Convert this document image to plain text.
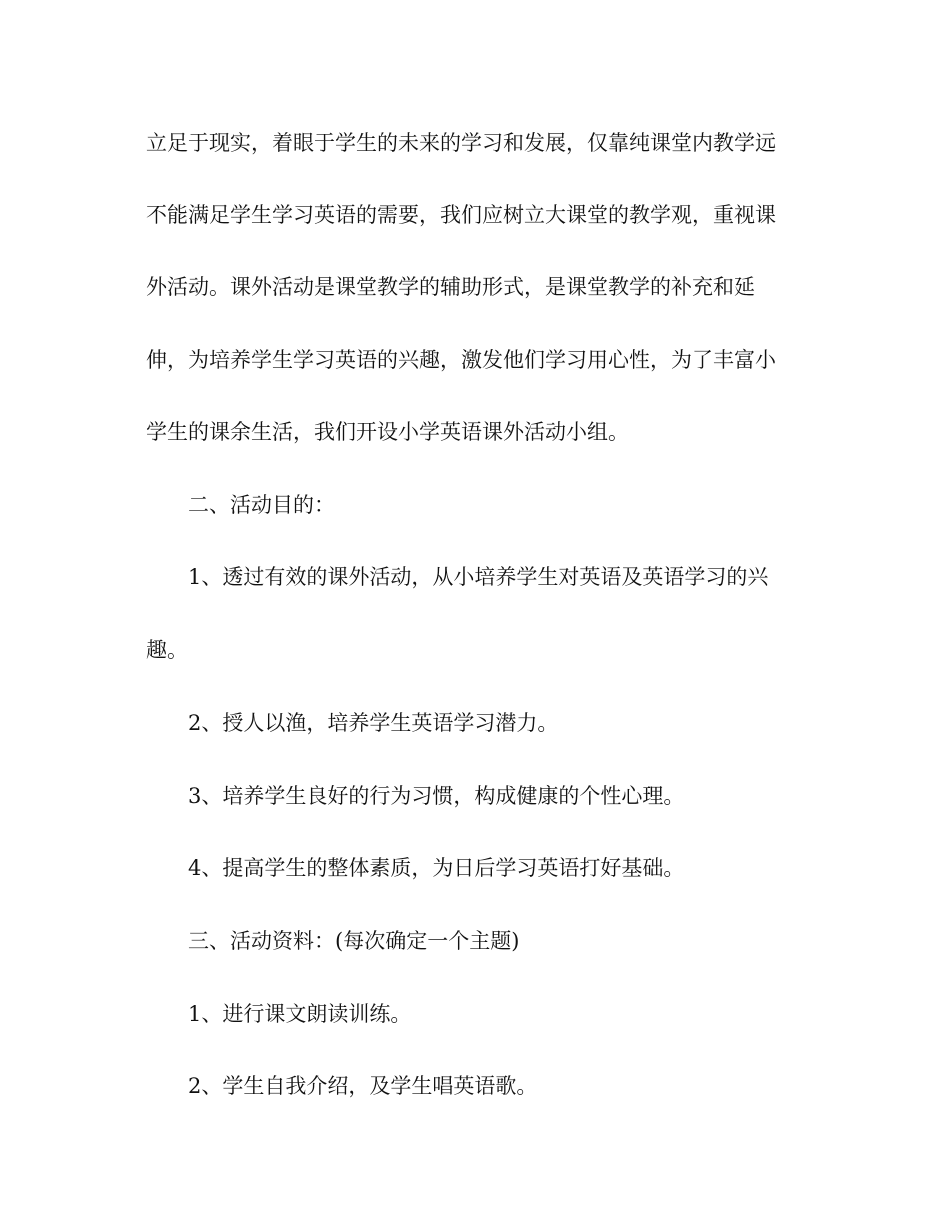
立足于现实，着眼于学生的未来的学习和发展，仅靠纯课堂内教学远
不能满足学生学习英语的需要，我们应树立大课堂的教学观，重视课
外活动。课外活动是课堂教学的辅助形式，是课堂教学的补充和延
伸，为培养学生学习英语的兴趣，激发他们学习用心性，为了丰富小
学生的课余生活，我们开设小学英语课外活动小组。
二、活动目的：
1、透过有效的课外活动，从小培养学生对英语及英语学习的兴
趣。
2、授人以渔，培养学生英语学习潜力。
3、培养学生良好的行为习惯，构成健康的个性心理。
4、提高学生的整体素质，为日后学习英语打好基础。
三、活动资料：(每次确定一个主题)
1、进行课文朗读训练。
2、学生自我介绍，及学生唱英语歌。
